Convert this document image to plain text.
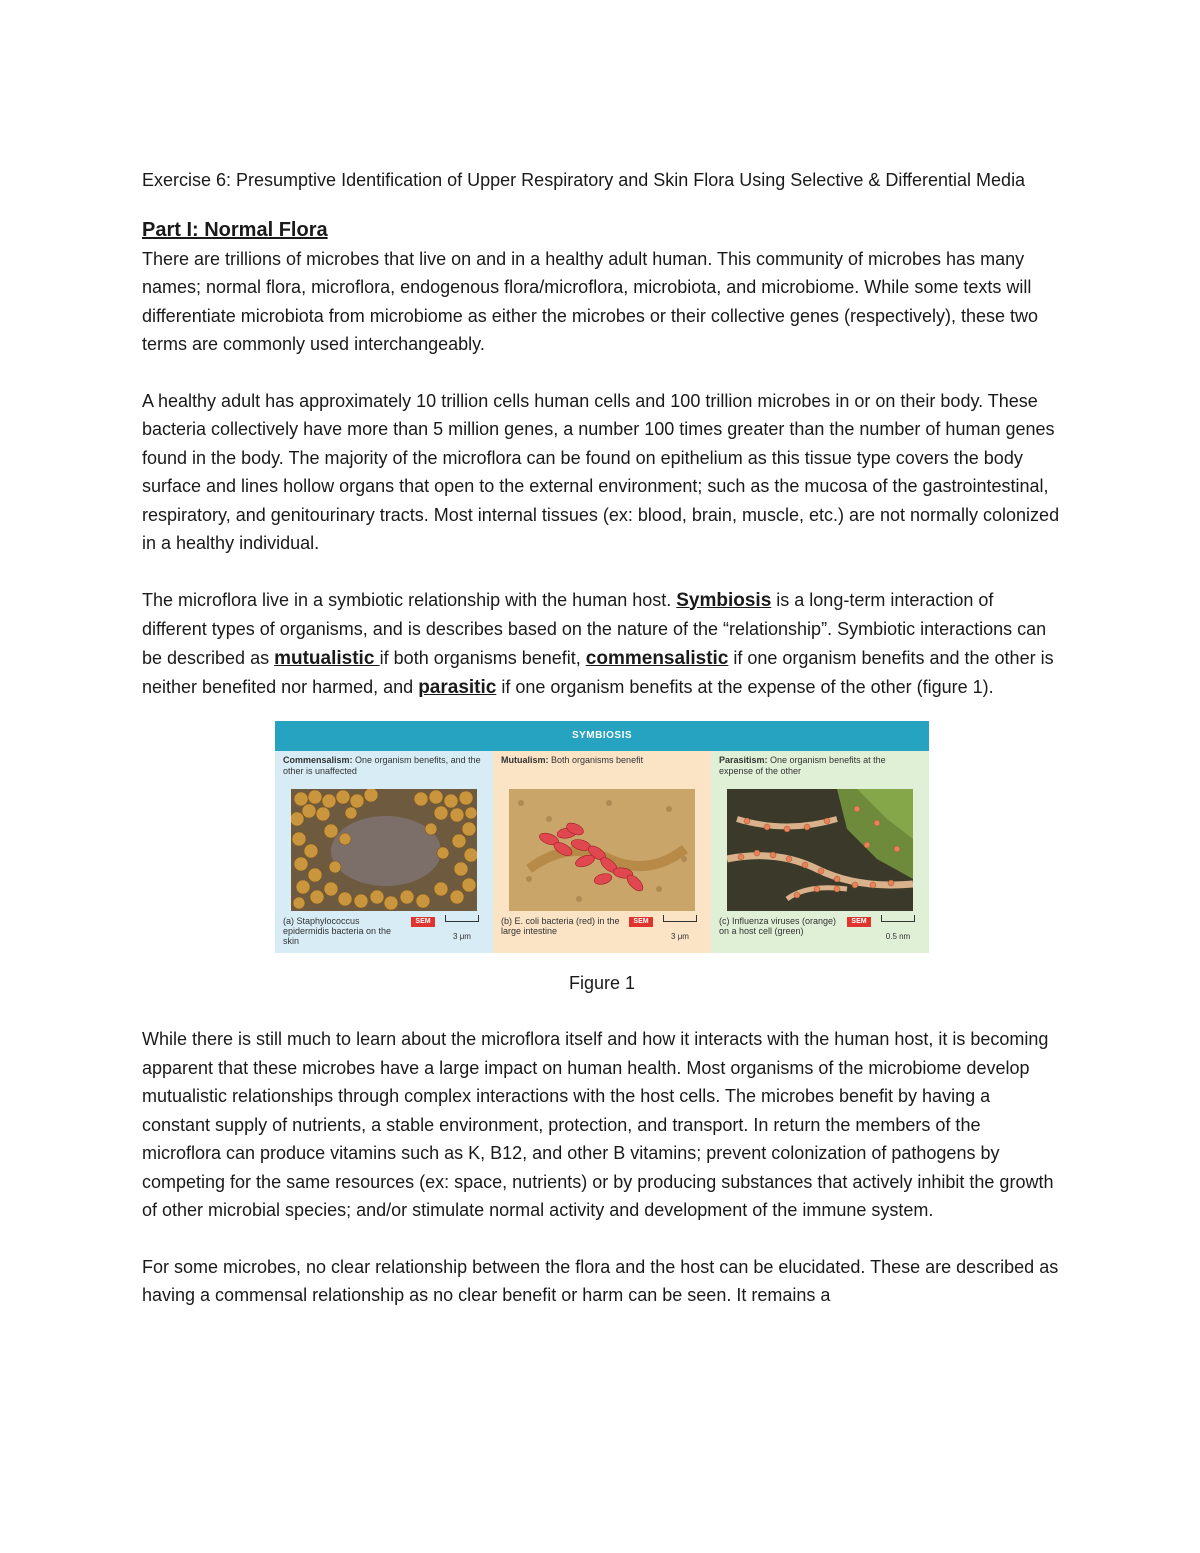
Exercise 6: Presumptive Identification of Upper Respiratory and Skin Flora Using Selective & Differential Media

Part I: Normal Flora

There are trillions of microbes that live on and in a healthy adult human. This community of microbes has many names; normal flora, microflora, endogenous flora/microflora, microbiota, and microbiome. While some texts will differentiate microbiota from microbiome as either the microbes or their collective genes (respectively), these two terms are commonly used interchangeably.

A healthy adult has approximately 10 trillion cells human cells and 100 trillion microbes in or on their body. These bacteria collectively have more than 5 million genes, a number 100 times greater than the number of human genes found in the body. The majority of the microflora can be found on epithelium as this tissue type covers the body surface and lines hollow organs that open to the external environment; such as the mucosa of the gastrointestinal, respiratory, and genitourinary tracts. Most internal tissues (ex: blood, brain, muscle, etc.) are not normally colonized in a healthy individual.

The microflora live in a symbiotic relationship with the human host. Symbiosis is a long-term interaction of different types of organisms, and is describes based on the nature of the “relationship”. Symbiotic interactions can be described as mutualistic if both organisms benefit, commensalistic if one organism benefits and the other is neither benefited nor harmed, and parasitic if one organism benefits at the expense of the other (figure 1).

SYMBIOSIS
Commensalism: One organism benefits, and the other is unaffected
(a) Staphylococcus epidermidis bacteria on the skin
SEM
3 μm
Mutualism: Both organisms benefit
(b) E. coli bacteria (red) in the large intestine
SEM
3 μm
Parasitism: One organism benefits at the expense of the other
(c) Influenza viruses (orange) on a host cell (green)
SEM
0.5 nm

Figure 1

While there is still much to learn about the microflora itself and how it interacts with the human host, it is becoming apparent that these microbes have a large impact on human health. Most organisms of the microbiome develop mutualistic relationships through complex interactions with the host cells. The microbes benefit by having a constant supply of nutrients, a stable environment, protection, and transport. In return the members of the microflora can produce vitamins such as K, B12, and other B vitamins; prevent colonization of pathogens by competing for the same resources (ex: space, nutrients) or by producing substances that actively inhibit the growth of other microbial species; and/or stimulate normal activity and development of the immune system.

For some microbes, no clear relationship between the flora and the host can be elucidated. These are described as having a commensal relationship as no clear benefit or harm can be seen. It remains a
